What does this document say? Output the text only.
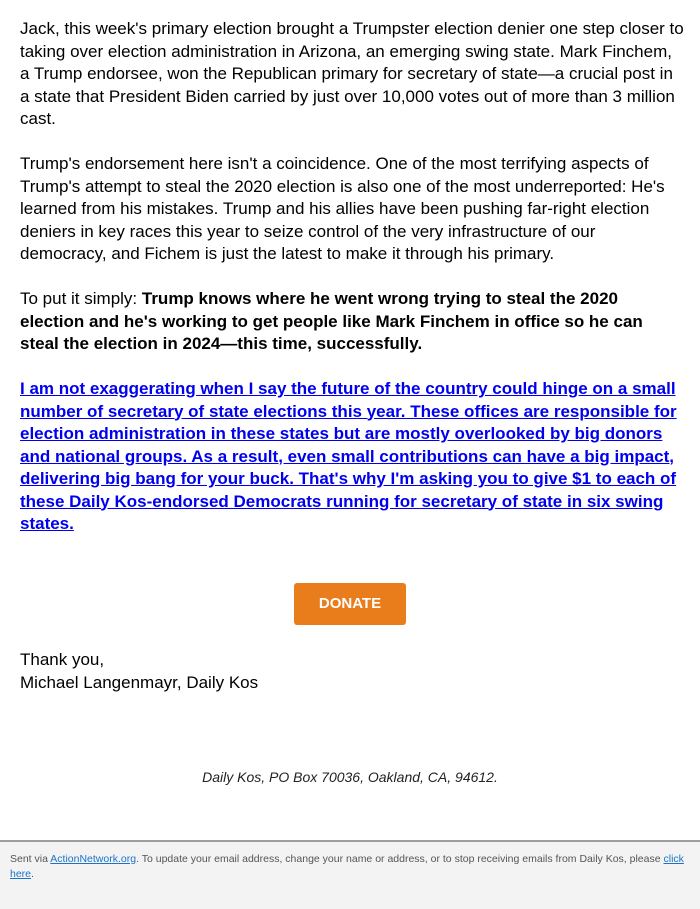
Jack, this week's primary election brought a Trumpster election denier one step closer to taking over election administration in Arizona, an emerging swing state. Mark Finchem, a Trump endorsee, won the Republican primary for secretary of state—a crucial post in a state that President Biden carried by just over 10,000 votes out of more than 3 million cast.

Trump's endorsement here isn't a coincidence. One of the most terrifying aspects of Trump's attempt to steal the 2020 election is also one of the most underreported: He's learned from his mistakes. Trump and his allies have been pushing far-right election deniers in key races this year to seize control of the very infrastructure of our democracy, and Fichem is just the latest to make it through his primary.

To put it simply: Trump knows where he went wrong trying to steal the 2020 election and he's working to get people like Mark Finchem in office so he can steal the election in 2024—this time, successfully.

I am not exaggerating when I say the future of the country could hinge on a small number of secretary of state elections this year. These offices are responsible for election administration in these states but are mostly overlooked by big donors and national groups. As a result, even small contributions can have a big impact, delivering big bang for your buck. That's why I'm asking you to give $1 to each of these Daily Kos-endorsed Democrats running for secretary of state in six swing states.

DONATE
Thank you,
Michael Langenmayr, Daily Kos
Daily Kos, PO Box 70036, Oakland, CA, 94612.
Sent via ActionNetwork.org. To update your email address, change your name or address, or to stop receiving emails from Daily Kos, please click here.
